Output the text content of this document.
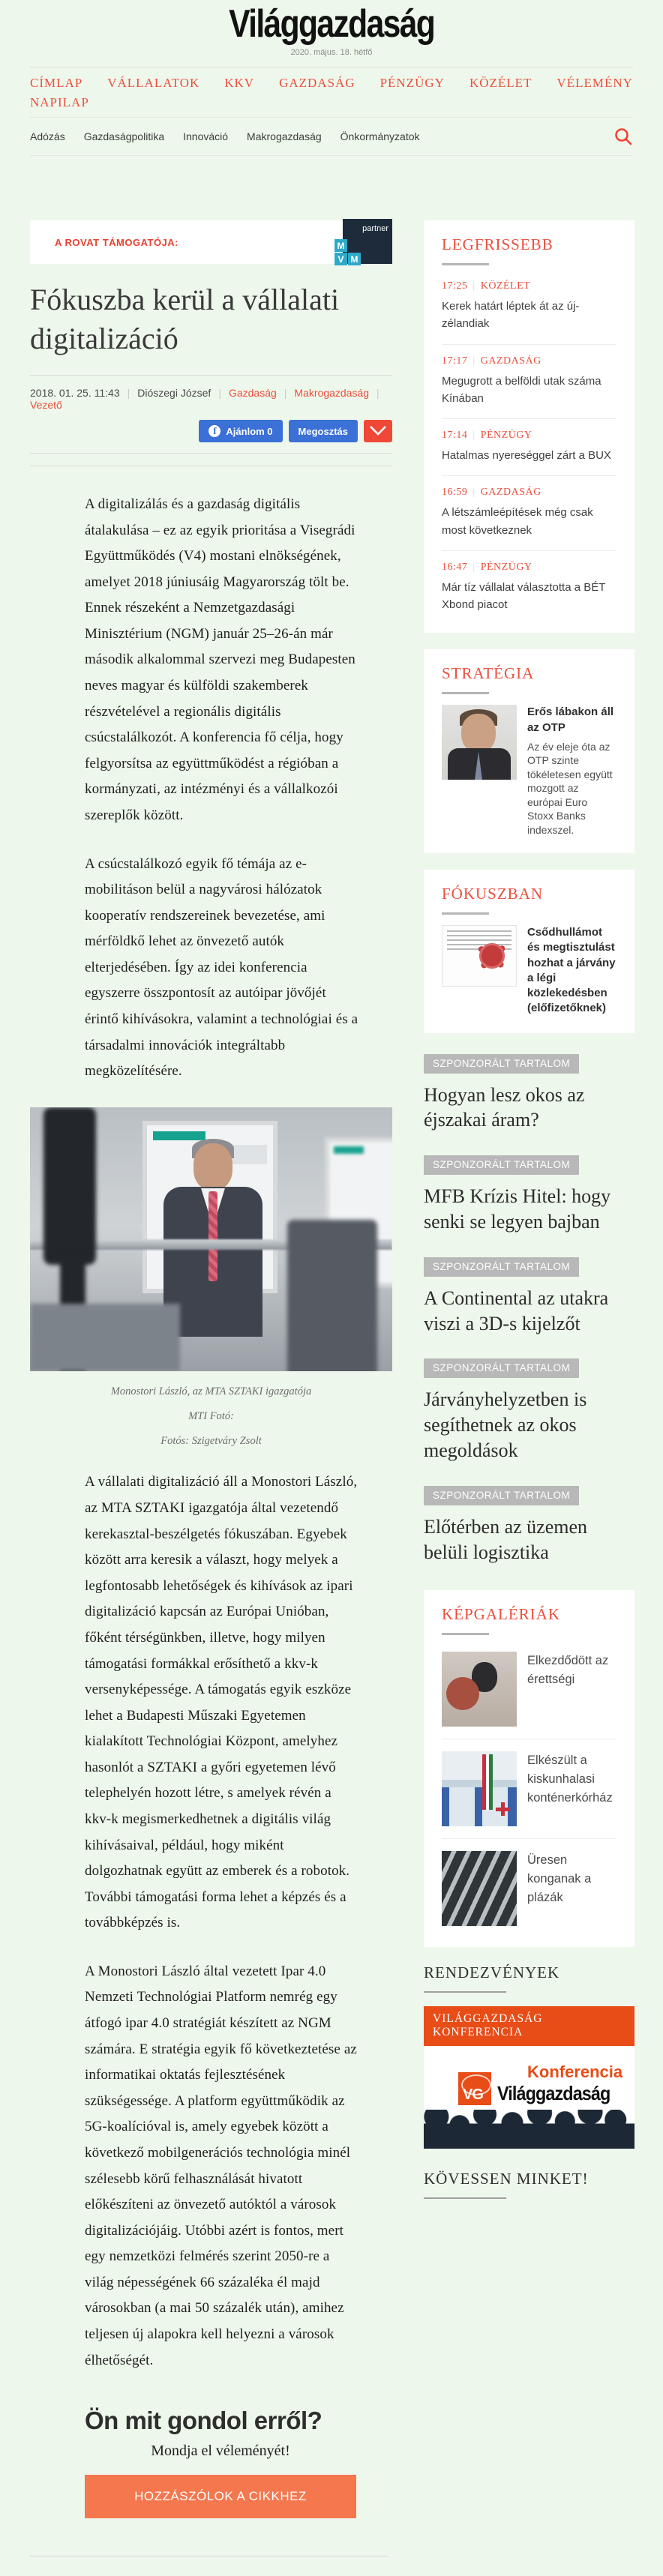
Világgazdaság
2020. május. 18. hétfő
CÍMLAP VÁLLALATOK KKV GAZDASÁG PÉNZÜGY KÖZÉLET VÉLEMÉNY
NAPILAP
Adózás Gazdaságpolitika Innováció Makrogazdaság Önkormányzatok
A ROVAT TÁMOGATÓJA:
partner
M
V M
Fókuszba kerül a vállalati digitalizáció
2018. 01. 25. 11:43 | Diószegi József | Gazdaság
| Makrogazdaság
|
Vezető
f Ajánlom 0	Megosztás

A digitalizálás és a gazdaság digitális átalakulása – ez az egyik prioritása a Visegrádi Együttműködés (V4) mostani elnökségének, amelyet 2018 júniusáig Magyarország tölt be. Ennek részeként a Nemzetgazdasági Minisztérium (NGM) január 25–26-án már második alkalommal szervezi meg Budapesten neves magyar és külföldi szakemberek részvételével a regionális digitális csúcstalálkozót. A konferencia fő célja, hogy felgyorsítsa az együttműködést a régióban a kormányzati, az intézményi és a vállalkozói szereplők között.

A csúcstalálkozó egyik fő témája az e-mobilitáson belül a nagyvárosi hálózatok kooperatív rendszereinek bevezetése, ami mérföldkő lehet az önvezető autók elterjedésében. Így az idei konferencia egyszerre összpontosít az autóipar jövőjét érintő kihívásokra, valamint a technológiai és a társadalmi innovációk integráltabb megközelítésére.

Monostori László, az MTA SZTAKI igazgatója
MTI Fotó:
Fotós: Szigetváry Zsolt

A vállalati digitalizáció áll a Monostori László, az MTA SZTAKI igazgatója által vezetendő kerekasztal-beszélgetés fókuszában. Egyebek között arra keresik a választ, hogy melyek a legfontosabb lehetőségek és kihívások az ipari digitalizáció kapcsán az Európai Unióban, főként térségünkben, illetve, hogy milyen támogatási formákkal erősíthető a kkv-k versenyképessége. A támogatás egyik eszköze lehet a Budapesti Műszaki Egyetemen kialakított Technológiai Központ, amelyhez hasonlót a SZTAKI a győri egyetemen lévő telephelyén hozott létre, s amelyek révén a kkv-k megismerkedhetnek a digitális világ kihívásaival, például, hogy miként dolgozhatnak együtt az emberek és a robotok. További támogatási forma lehet a képzés és a továbbképzés is.

A Monostori László által vezetett Ipar 4.0 Nemzeti Technológiai Platform nemrég egy átfogó ipar 4.0 stratégiát készített az NGM számára. E stratégia egyik fő következtetése az informatikai oktatás fejlesztésének szükségessége. A platform együttműködik az 5G-koalícióval is, amely egyebek között a következő mobilgenerációs technológia minél szélesebb körű felhasználását hivatott előkészíteni az önvezető autóktól a városok digitalizációjáig. Utóbbi azért is fontos, mert egy nemzetközi felmérés szerint 2050-re a világ népességének 66 százaléka él majd városokban (a mai 50 százalék után), amihez teljesen új alapokra kell helyezni a városok élhetőségét.

Ön mit gondol erről?
Mondja el véleményét!
HOZZÁSZÓLOK A CIKKHEZ
LEGFRISSEBB
17:25 | KÖZÉLET
Kerek határt léptek át az új-zélandiak
17:17 | GAZDASÁG
Megugrott a belföldi utak száma Kínában
17:14 | PÉNZÜGY
Hatalmas nyereséggel zárt a BUX
16:59 | GAZDASÁG
A létszámleépítések még csak most következnek
16:47 | PÉNZÜGY
Már tíz vállalat választotta a BÉT Xbond piacot
STRATÉGIA
Erős lábakon áll az OTP

Az év eleje óta az OTP szinte tökéletesen együtt mozgott az európai Euro Stoxx Banks indexszel.

FÓKUSZBAN
Csődhullámot és megtisztulást hozhat a járvány a légi közlekedésben (előfizetőknek)
SZPONZORÁLT TARTALOM
Hogyan lesz okos az éjszakai áram?
SZPONZORÁLT TARTALOM
MFB Krízis Hitel: hogy senki se legyen bajban
SZPONZORÁLT TARTALOM
A Continental az utakra viszi a 3D-s kijelzőt
SZPONZORÁLT TARTALOM
Járványhelyzetben is segíthetnek az okos megoldások
SZPONZORÁLT TARTALOM
Előtérben az üzemen belüli logisztika
KÉPGALÉRIÁK
Elkezdődött az érettségi
Elkészült a kiskunhalasi konténerkórház
Üresen konganak a plázák
RENDEZVÉNYEK
VILÁGGAZDASÁG KONFERENCIA
VG
Konferencia
Világgazdaság
KÖVESSEN MINKET!
